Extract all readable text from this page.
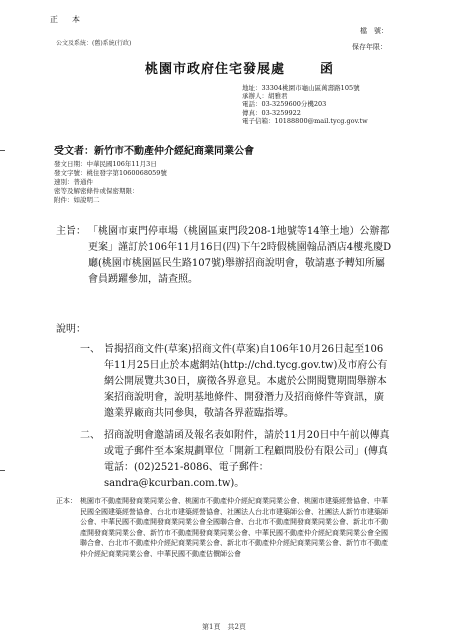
正　本
公文及系統：(舊)系統(行政)
檔　號：
保存年限：
桃園市政府住宅發展處	函
地址：33304桃園市龜山區萬壽路105號
承辦人：胡雅君
電話：03-3259600分機203
傳真：03-3259922
電子信箱：10188800@mail.tycg.gov.tw
受文者：新竹市不動產仲介經紀商業同業公會
發文日期：中華民國106年11月3日
發文字號：桃住發字第1060068059號
速別：普通件
密等及解密條件或保密期限：
附件：如說明二
主旨： 「桃園市東門停車場（桃園區東門段208-1地號等14筆土地）公辦都更案」謹訂於106年11月16日(四)下午2時假桃園翰品酒店4樓兆慶D廳(桃園市桃園區民生路107號)舉辦招商說明會，敬請惠予轉知所屬會員踴躍參加，請查照。
說明：
一、 旨揭招商文件(草案)招商文件(草案)自106年10月26日起至106年11月25日止於本處網站(http://chd.tycg.gov.tw)及市府公有網公開展覽共30日，廣徵各界意見。本處於公開閱覽期間舉辦本案招商說明會，說明基地條件、開發潛力及招商條件等資訊，廣邀業界廠商共同參與，敬請各界蒞臨指導。
二、 招商說明會邀請函及報名表如附件，請於11月20日中午前以傳真或電子郵件至本案規劃單位「開新工程顧問股份有限公司」(傳真電話：(02)2521-8086、電子郵件：sandra@kcurban.com.tw)。
正本： 桃園市不動產開發商業同業公會、桃園市不動產仲介經紀商業同業公會、桃園市建築經營協會、中華民國全國建築經營協會、台北市建築經營協會、社團法人台北市建築師公會、社團法人新竹市建築師公會、中華民國不動產開發商業同業公會全國聯合會、台北市不動產開發商業同業公會、新北市不動產開發商業同業公會、新竹市不動產開發商業同業公會、中華民國不動產仲介經紀商業同業公會全國聯合會、台北市不動產仲介經紀商業同業公會、新北市不動產仲介經紀商業同業公會、新竹市不動產仲介經紀商業同業公會、中華民國不動產估價師公會
第1頁　共2頁
